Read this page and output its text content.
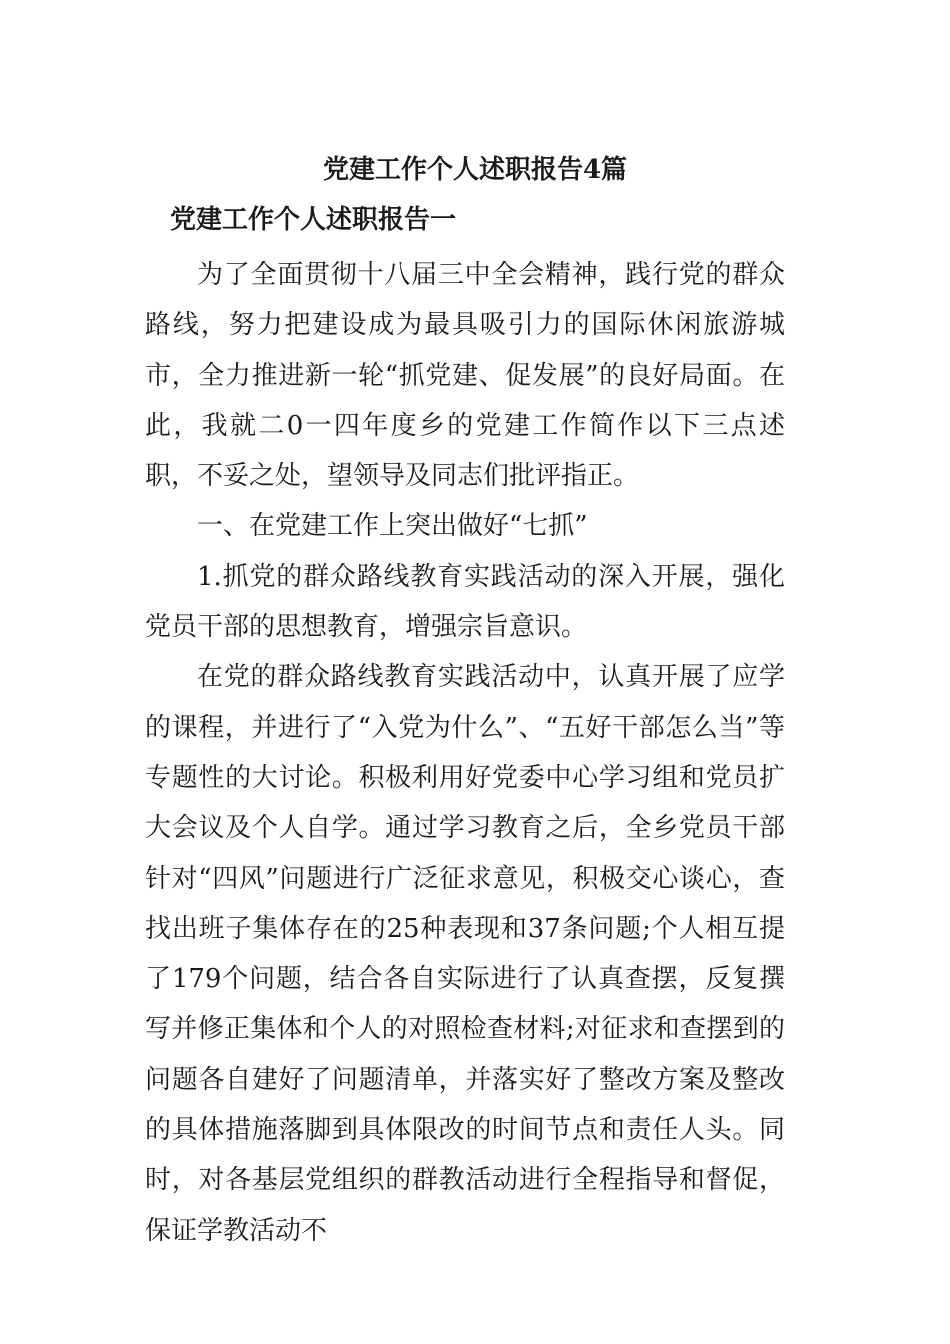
党建工作个人述职报告4篇
党建工作个人述职报告一

为了全面贯彻十八届三中全会精神，践行党的群众路线，努力把建设成为最具吸引力的国际休闲旅游城市，全力推进新一轮“抓党建、促发展”的良好局面。在此，我就二0一四年度乡的党建工作简作以下三点述职，不妥之处，望领导及同志们批评指正。

一、在党建工作上突出做好“七抓”

1.抓党的群众路线教育实践活动的深入开展，强化党员干部的思想教育，增强宗旨意识。

在党的群众路线教育实践活动中，认真开展了应学的课程，并进行了“入党为什么”、“五好干部怎么当”等专题性的大讨论。积极利用好党委中心学习组和党员扩大会议及个人自学。通过学习教育之后，全乡党员干部针对“四风”问题进行广泛征求意见，积极交心谈心，查找出班子集体存在的25种表现和37条问题;个人相互提了179个问题，结合各自实际进行了认真查摆，反复撰写并修正集体和个人的对照检查材料;对征求和查摆到的问题各自建好了问题清单，并落实好了整改方案及整改的具体措施落脚到具体限改的时间节点和责任人头。同时，对各基层党组织的群教活动进行全程指导和督促，保证学教活动不
